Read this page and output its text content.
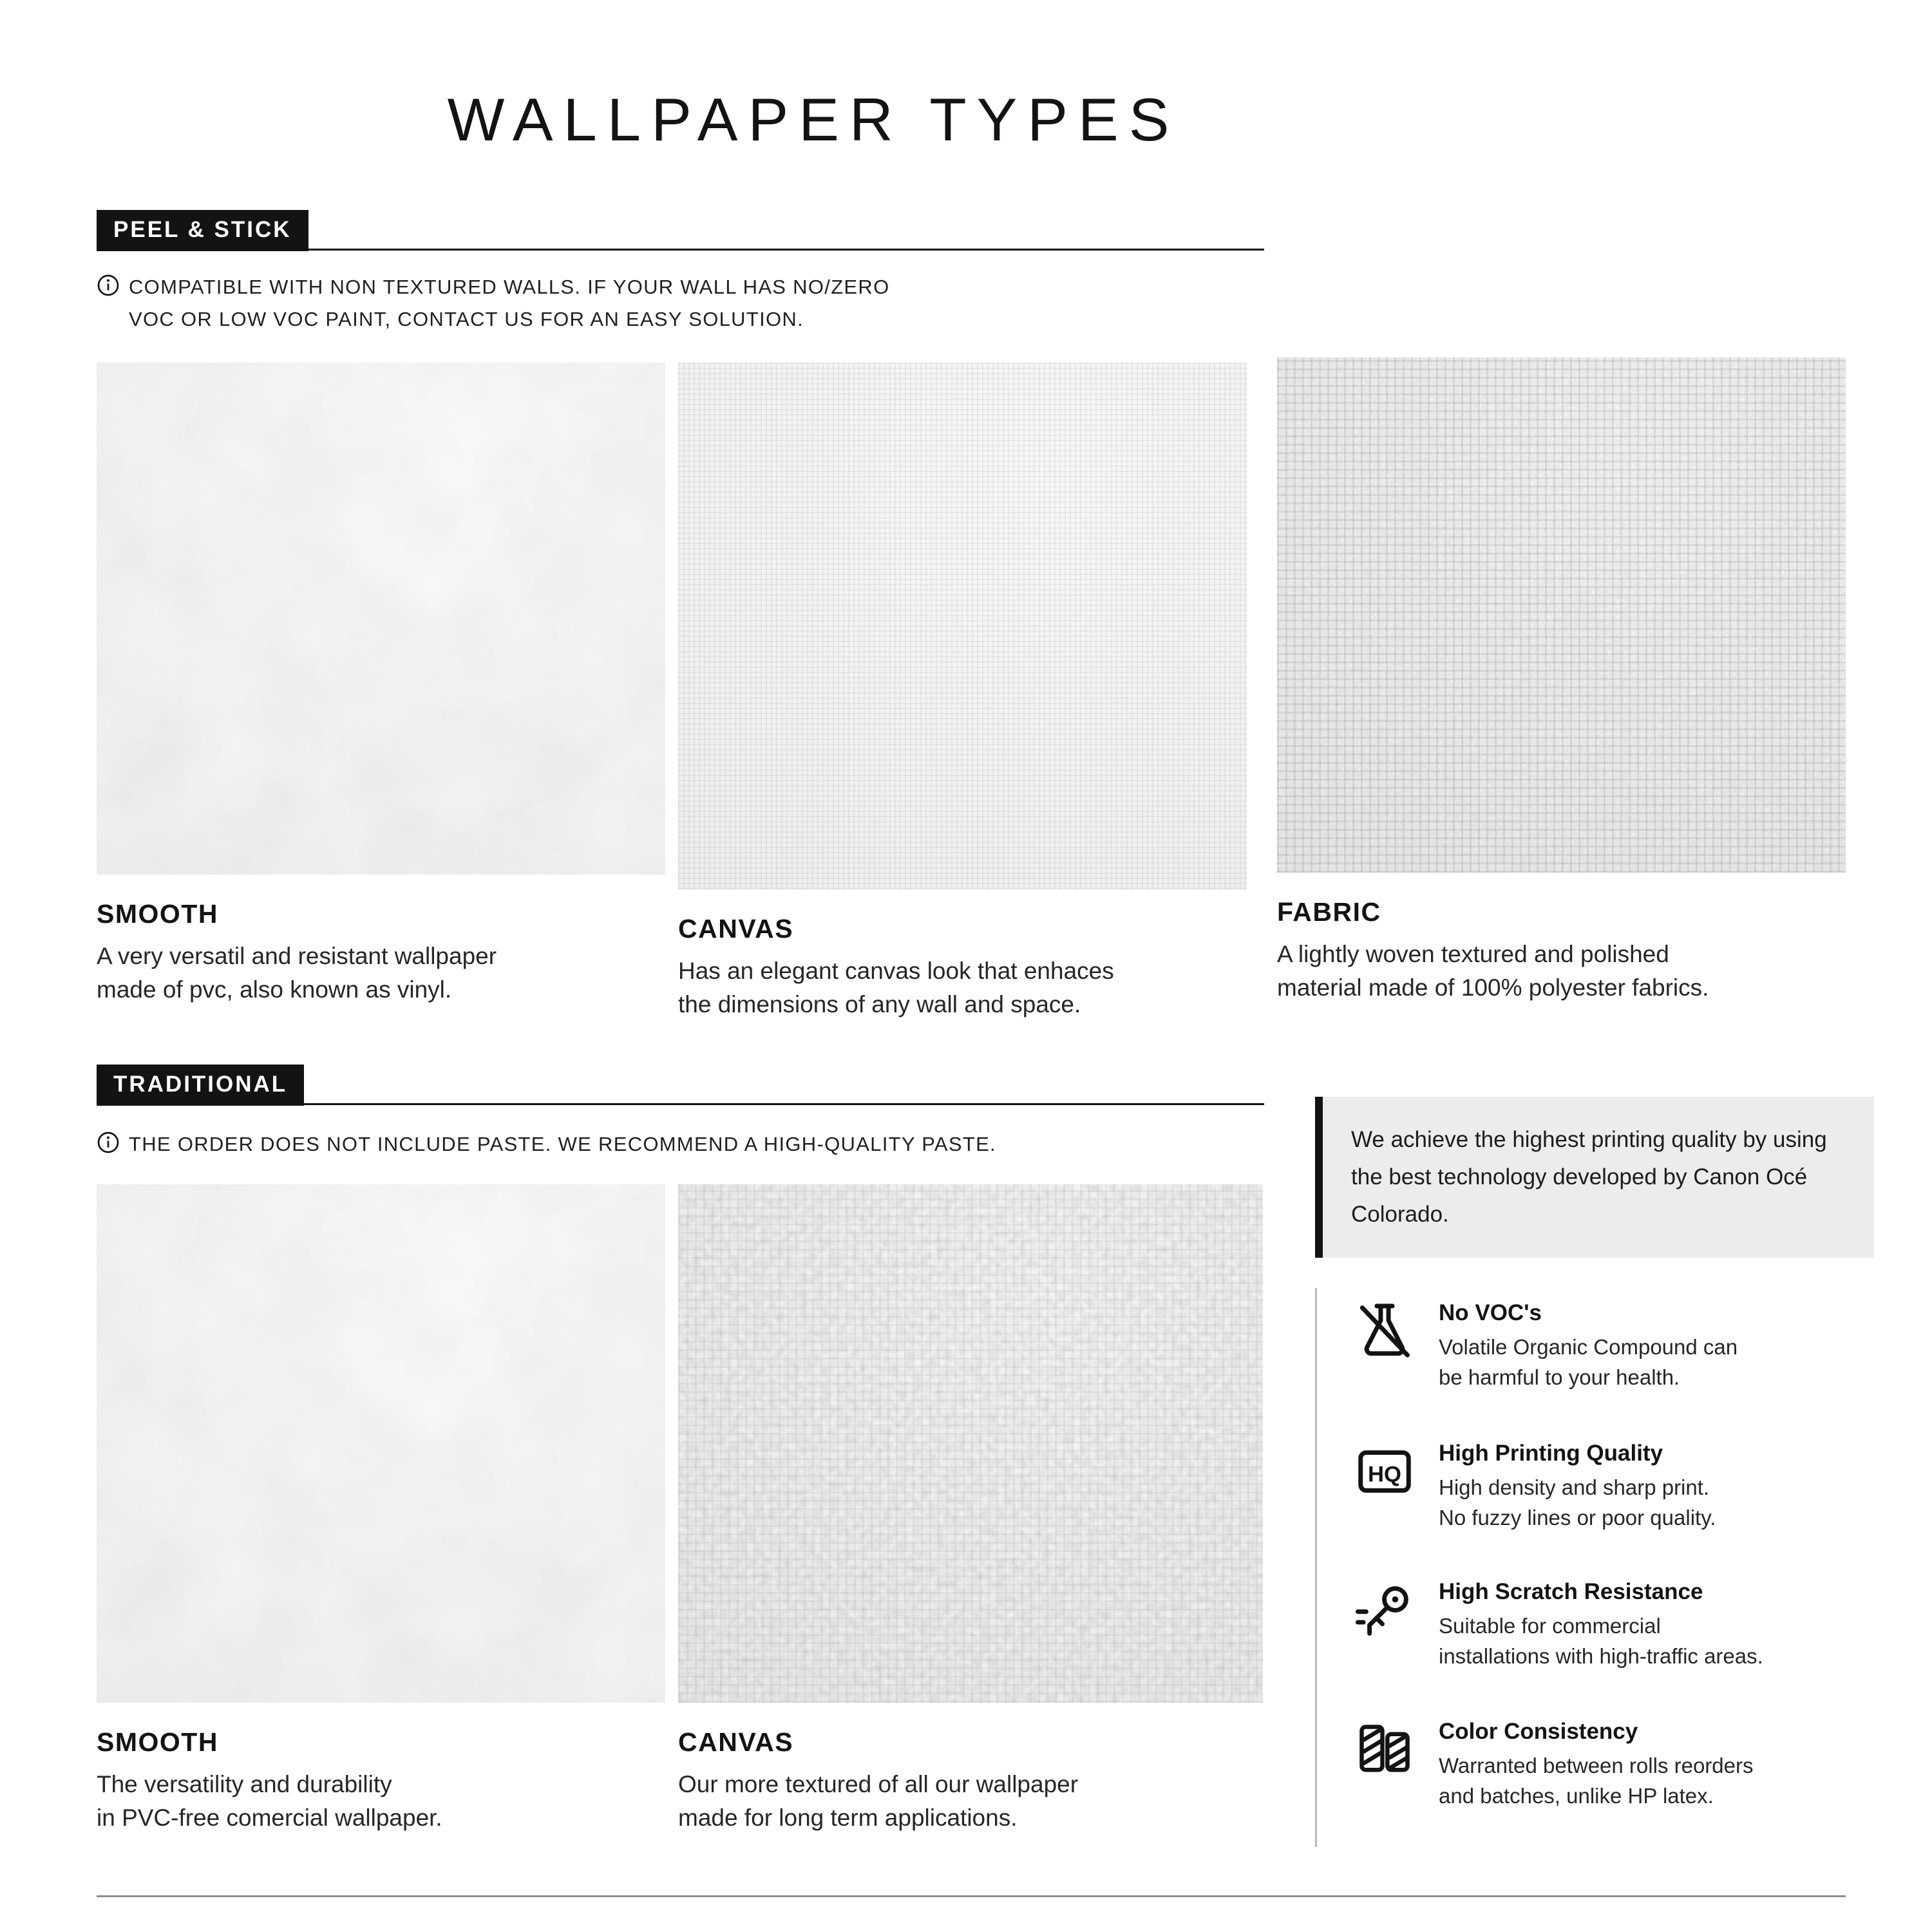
WALLPAPER TYPES
PEEL & STICK
COMPATIBLE WITH NON TEXTURED WALLS. IF YOUR WALL HAS NO/ZERO
VOC OR LOW VOC PAINT, CONTACT US FOR AN EASY SOLUTION.
SMOOTH

A very versatil and resistant wallpaper
made of pvc, also known as vinyl.

CANVAS

Has an elegant canvas look that enhaces
the dimensions of any wall and space.

FABRIC

A lightly woven textured and polished
material made of 100% polyester fabrics.

TRADITIONAL
THE ORDER DOES NOT INCLUDE PASTE. WE RECOMMEND A HIGH-QUALITY PASTE.
SMOOTH

The versatility and durability
in PVC-free comercial wallpaper.

CANVAS

Our more textured of all our wallpaper
made for long term applications.

We achieve the highest printing quality by using the best technology developed by Canon Océ Colorado.

No VOC's
Volatile Organic Compound can
be harmful to your health.
HQ
High Printing Quality
High density and sharp print.
No fuzzy lines or poor quality.
High Scratch Resistance
Suitable for commercial
installations with high-traffic areas.
Color Consistency
Warranted between rolls reorders
and batches, unlike HP latex.
